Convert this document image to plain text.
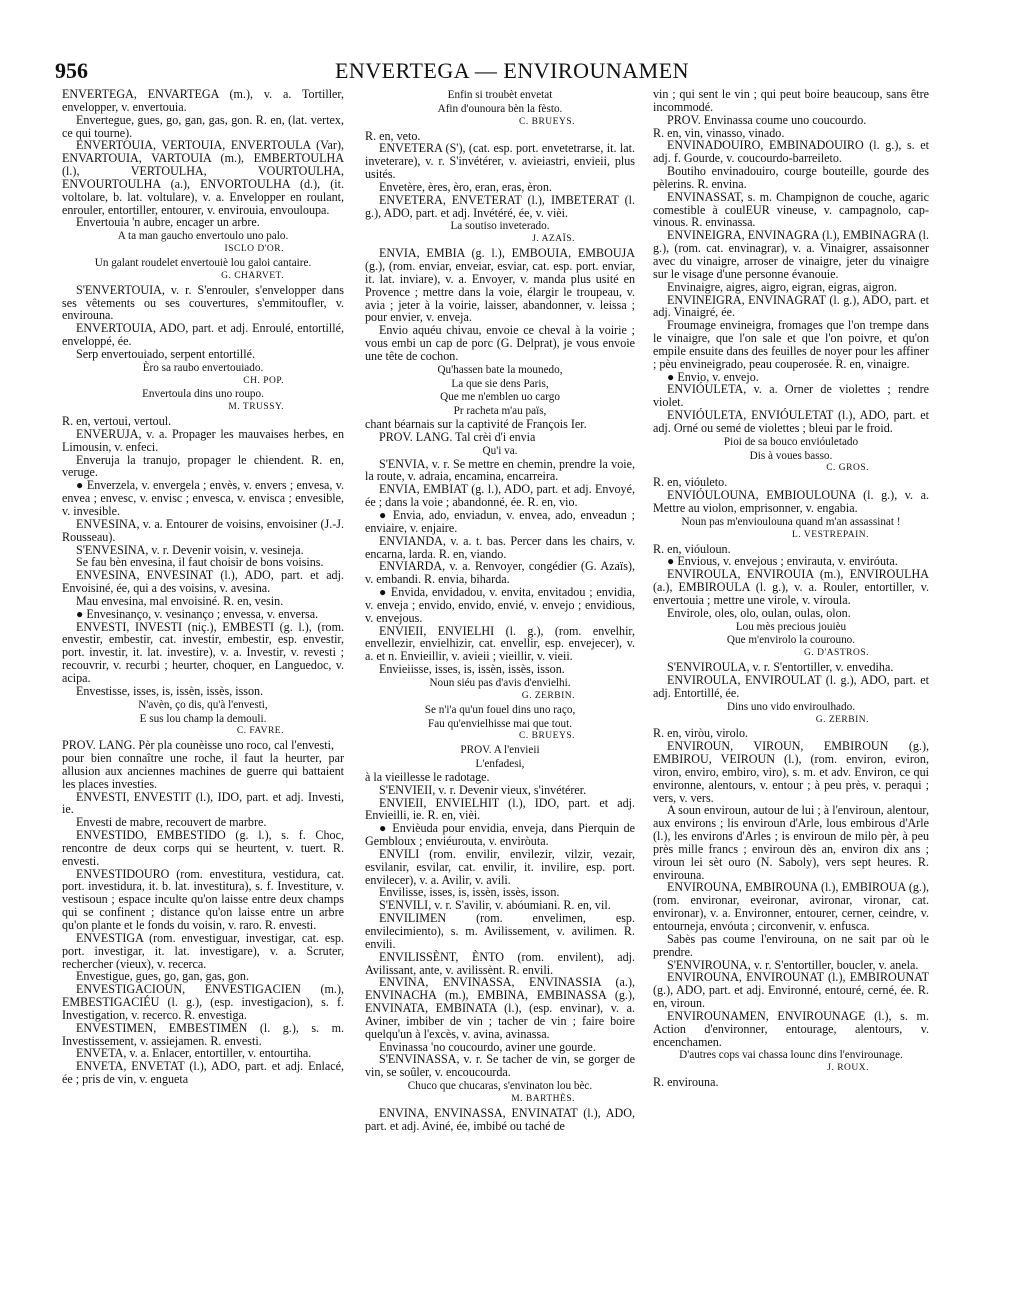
956	ENVERTEGA — ENVIROUNAMEN

ENVERTEGA, ENVARTEGA (m.), v. a. Tortiller, envelopper, v. envertouia.

Envertegue, gues, go, gan, gas, gon. R. en, (lat. vertex, ce qui tourne).

ENVERTOUIA, VERTOUIA, ENVERTOULA (Var), ENVARTOUIA, VARTOUIA (m.), EMBERTOULHA (l.), VERTOULHA, VOURTOULHA, ENVOURTOULHA (a.), ENVORTOULHA (d.), (it. voltolare, b. lat. voltulare), v. a. Envelopper en roulant, enrouler, entortiller, entourer, v. envirouia, envouloupa.

Envertouia 'n aubre, encager un arbre.

A ta man gaucho envertoulo uno palo.

ISCLO D'OR.

Un galant roudelet envertouiè lou galoi cantaire.

G. CHARVET.

S'ENVERTOUIA, v. r. S'enrouler, s'envelopper dans ses vêtements ou ses couvertures, s'emmitoufler, v. envirouna.

ENVERTOUIA, ADO, part. et adj. Enroulé, entortillé, enveloppé, ée.

Serp envertouiado, serpent entortillé.

Èro sa raubo envertouiado.

CH. POP.

Envertoula dins uno roupo.

M. TRUSSY.

R. en, vertoui, vertoul.

ENVERUJA, v. a. Propager les mauvaises herbes, en Limousin, v. enfeci.

Enveruja la tranujo, propager le chiendent. R. en, veruge.

● Enverzela, v. envergela ; envès, v. envers ; envesa, v. envea ; envesc, v. envisc ; envesca, v. envisca ; envesible, v. invesible.

ENVESINA, v. a. Entourer de voisins, envoisiner (J.-J. Rousseau).

S'ENVESINA, v. r. Devenir voisin, v. vesineja.

Se fau bèn envesina, il faut choisir de bons voisins.

ENVESINA, ENVESINAT (l.), ADO, part. et adj. Envoisiné, ée, qui a des voisins, v. avesina.

Mau envesina, mal envoisiné. R. en, vesin.

● Envesinanço, v. vesinanço ; envessa, v. enversa.

ENVESTI, INVESTI (niç.), EMBESTI (g. l.), (rom. envestir, embestir, cat. investir, embestir, esp. envestir, port. investir, it. lat. investire), v. a. Investir, v. revesti ; recouvrir, v. recurbi ; heurter, choquer, en Languedoc, v. acipa.

Envestisse, isses, is, issèn, issès, isson.

N'avèn, ço dis, qu'à l'envesti,

E sus lou champ la demouli.

C. FAVRE.

PROV. LANG. Pèr pla counèisse uno roco, cal l'envesti,

pour bien connaître une roche, il faut la heurter, par allusion aux anciennes machines de guerre qui battaient les places investies.

ENVESTI, ENVESTIT (l.), IDO, part. et adj. Investi, ie.

Envesti de mabre, recouvert de marbre.

ENVESTIDO, EMBESTIDO (g. l.), s. f. Choc, rencontre de deux corps qui se heurtent, v. tuert. R. envesti.

ENVESTIDOURO (rom. envestitura, vestidura, cat. port. investidura, it. b. lat. investitura), s. f. Investiture, v. vestisoun ; espace inculte qu'on laisse entre deux champs qui se confinent ; distance qu'on laisse entre un arbre qu'on plante et le fonds du voisin, v. raro. R. envesti.

ENVESTIGA (rom. envestiguar, investigar, cat. esp. port. investigar, it. lat. investigare), v. a. Scruter, rechercher (vieux), v. recerca.

Envestigue, gues, go, gan, gas, gon.

ENVESTIGACIOUN, ENVESTIGACIEN (m.), EMBESTIGACIÉU (l. g.), (esp. investigacion), s. f. Investigation, v. recerco. R. envestiga.

ENVESTIMEN, EMBESTIMEN (l. g.), s. m. Investissement, v. assiejamen. R. envesti.

ENVETA, v. a. Enlacer, entortiller, v. entourtiha.

ENVETA, ENVETAT (l.), ADO, part. et adj. Enlacé, ée ; pris de vin, v. engueta

Enfin si troubèt envetat

Afin d'ounoura bèn la fèsto.

C. BRUEYS.

R. en, veto.

ENVETERA (S'), (cat. esp. port. envetetrarse, it. lat. inveterare), v. r. S'invétérer, v. avieiastri, envieii, plus usités.

Envetère, ères, èro, eran, eras, èron.

ENVETERA, ENVETERAT (l.), IMBETERAT (l. g.), ADO, part. et adj. Invétéré, ée, v. vièi.

La soutiso inveterado.

J. AZAÏS.

ENVIA, EMBIA (g. l.), EMBOUIA, EMBOUJA (g.), (rom. enviar, enveiar, esviar, cat. esp. port. enviar, it. lat. inviare), v. a. Envoyer, v. manda plus usité en Provence ; mettre dans la voie, élargir le troupeau, v. avia ; jeter à la voirie, laisser, abandonner, v. leissa ; pour envier, v. enveja.

Envio aquéu chivau, envoie ce cheval à la voirie ; vous embi un cap de porc (G. Delprat), je vous envoie une tête de cochon.

Qu'hassen bate la mounedo,

La que sie dens Paris,

Que me n'emblen uo cargo

Pr racheta m'au païs,

chant béarnais sur la captivité de François Ier.

PROV. LANG. Tal crèi d'i envia

Qu'i va.

S'ENVIA, v. r. Se mettre en chemin, prendre la voie, la route, v. adraia, encamina, encarreira.

ENVIA, EMBIAT (g. l.), ADO, part. et adj. Envoyé, ée ; dans la voie ; abandonné, ée. R. en, vio.

● Envia, ado, enviadun, v. envea, ado, enveadun ; enviaire, v. enjaire.

ENVIANDA, v. a. t. bas. Percer dans les chairs, v. encarna, larda. R. en, viando.

ENVIARDA, v. a. Renvoyer, congédier (G. Azaïs), v. embandi. R. envia, biharda.

● Envida, envidadou, v. envita, envitadou ; envidia, v. enveja ; envido, envido, envié, v. envejo ; envidious, v. envejous.

ENVIEII, ENVIELHI (l. g.), (rom. envelhir, envellezir, envielhizir, cat. envellir, esp. envejecer), v. a. et n. Envieillir, v. avieii ; vieillir, v. vieii.

Envieiisse, isses, is, issèn, issès, isson.

Noun siéu pas d'avis d'envielhi.

G. ZERBIN.

Se n'i'a qu'un fouel dins uno raço,

Fau qu'envielhisse mai que tout.

C. BRUEYS.

PROV. A l'envieii

L'enfadesi,

à la vieillesse le radotage.

S'ENVIEII, v. r. Devenir vieux, s'invétérer.

ENVIEII, ENVIELHIT (l.), IDO, part. et adj. Envieilli, ie. R. en, vièi.

● Envièuda pour envidia, enveja, dans Pierquin de Gembloux ; enviéurouta, v. enviròuta.

ENVILI (rom. envilir, envilezir, vilzir, vezair, esvilanir, esvilar, cat. envilir, it. invilire, esp. port. envilecer), v. a. Avilir, v. avili.

Envilisse, isses, is, issèn, issès, isson.

S'ENVILI, v. r. S'avilir, v. abóumiani. R. en, vil.

ENVILIMEN (rom. envelimen, esp. envilecimiento), s. m. Avilissement, v. avilimen. R. envili.

ENVILISSÈNT, ÈNTO (rom. envilent), adj. Avilissant, ante, v. avilissènt. R. envili.

ENVINA, ENVINASSA, ENVINASSIA (a.), ENVINACHA (m.), EMBINA, EMBINASSA (g.), ENVINATA, EMBINATA (l.), (esp. envinar), v. a. Aviner, imbiber de vin ; tacher de vin ; faire boire quelqu'un à l'excès, v. avina, avinassa.

Envinassa 'no coucourdo, aviner une gourde.

S'ENVINASSA, v. r. Se tacher de vin, se gorger de vin, se soûler, v. encoucourda.

Chuco que chucaras, s'envinaton lou bèc.

M. BARTHÈS.

ENVINA, ENVINASSA, ENVINATAT (l.), ADO, part. et adj. Aviné, ée, imbibé ou taché de

vin ; qui sent le vin ; qui peut boire beaucoup, sans être incommodé.

PROV. Envinassa coume uno coucourdo.

R. en, vin, vinasso, vinado.

ENVINADOUIRO, EMBINADOUIRO (l. g.), s. et adj. f. Gourde, v. coucourdo-barreileto.

Boutiho envinadouiro, courge bouteille, gourde des pèlerins. R. envina.

ENVINASSAT, s. m. Champignon de couche, agaric comestible à coulEUR vineuse, v. campagnolo, cap-vinous. R. envinassa.

ENVINEIGRA, ENVINAGRA (l.), EMBINAGRA (l. g.), (rom. cat. envinagrar), v. a. Vinaigrer, assaisonner avec du vinaigre, arroser de vinaigre, jeter du vinaigre sur le visage d'une personne évanouie.

Envinaigre, aigres, aigro, eigran, eigras, aigron.

ENVINEIGRA, ENVINAGRAT (l. g.), ADO, part. et adj. Vinaigré, ée.

Froumage envineigra, fromages que l'on trempe dans le vinaigre, que l'on sale et que l'on poivre, et qu'on empile ensuite dans des feuilles de noyer pour les affiner ; pèu envineigrado, peau couperosée. R. en, vinaigre.

● Envio, v. envejo.

ENVIÓULETA, v. a. Orner de violettes ; rendre violet.

ENVIÓULETA, ENVIÓULETAT (l.), ADO, part. et adj. Orné ou semé de violettes ; bleui par le froid.

Pioi de sa bouco envióuletado

Dis à voues basso.

C. GROS.

R. en, vióuleto.

ENVIÓULOUNA, EMBIOULOUNA (l. g.), v. a. Mettre au violon, emprisonner, v. engabia.

Noun pas m'envioulouna quand m'an assassinat !

L. VESTREPAIN.

R. en, vióuloun.

● Envious, v. envejous ; envirauta, v. enviróuta.

ENVIROULA, ENVIROUIA (m.), ENVIROULHA (a.), EMBIROULA (l. g.), v. a. Rouler, entortiller, v. envertouia ; mettre une virole, v. viroula.

Envirole, oles, olo, oulan, oulas, olon.

Lou mès precious jouièu

Que m'envirolo la courouno.

G. D'ASTROS.

S'ENVIROULA, v. r. S'entortiller, v. envediha.

ENVIROULA, ENVIROULAT (l. g.), ADO, part. et adj. Entortillé, ée.

Dins uno vido enviroulhado.

G. ZERBIN.

R. en, viròu, virolo.

ENVIROUN, VIROUN, EMBIROUN (g.), EMBIROU, VEIROUN (l.), (rom. environ, eviron, viron, enviro, embiro, viro), s. m. et adv. Environ, ce qui environne, alentours, v. entour ; à peu près, v. peraqui ; vers, v. vers.

A soun enviroun, autour de lui ; à l'enviroun, alentour, aux environs ; lis enviroun d'Arle, lous embirous d'Arle (l.), les environs d'Arles ; is enviroun de milo pèr, à peu près mille francs ; enviroun dès an, environ dix ans ; viroun lei sèt ouro (N. Saboly), vers sept heures. R. envirouna.

ENVIROUNA, EMBIROUNA (l.), EMBIROUA (g.), (rom. environar, eveironar, avironar, vironar, cat. environar), v. a. Environner, entourer, cerner, ceindre, v. entourneja, envóuta ; circonvenir, v. enfusca.

Sabès pas coume l'envirouna, on ne sait par où le prendre.

S'ENVIROUNA, v. r. S'entortiller, boucler, v. anela.

ENVIROUNA, ENVIROUNAT (l.), EMBIROUNAT (g.), ADO, part. et adj. Environné, entouré, cerné, ée. R. en, viroun.

ENVIROUNAMEN, ENVIROUNAGE (l.), s. m. Action d'environner, entourage, alentours, v. encenchamen.

D'autres cops vai chassa lounc dins l'envirounage.

J. ROUX.

R. envirouna.
